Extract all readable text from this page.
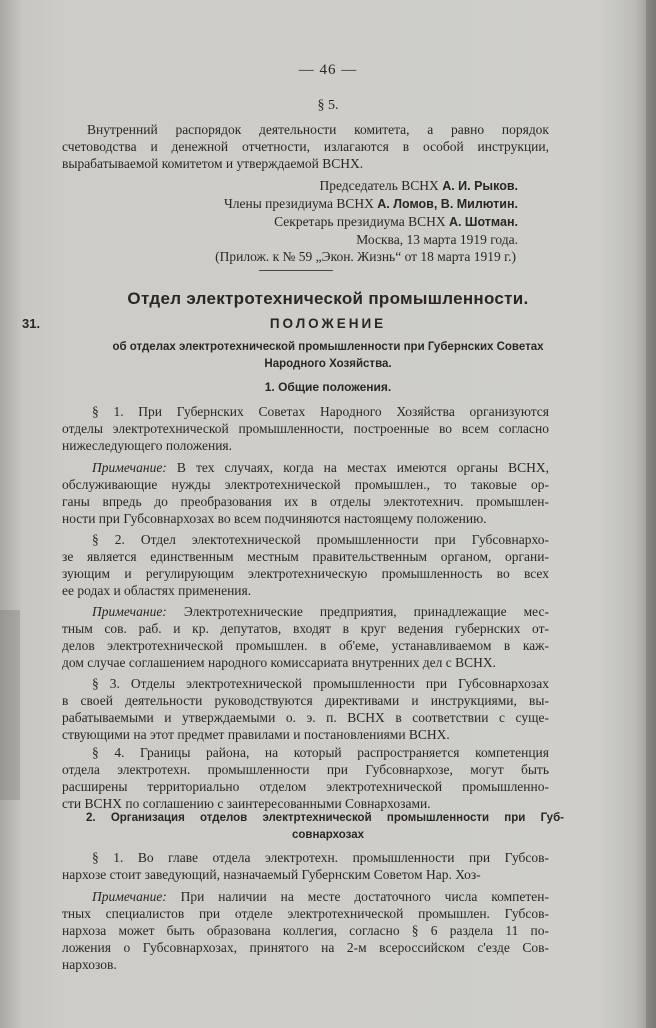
— 46 —

§ 5.

Внутренний распорядок деятельности комитета, а равно порядок

счетоводства и денежной отчетности, излагаются в особой инструкции,

вырабатываемой комитетом и утверждаемой ВСНХ.

Председатель ВСНХ А. И. Рыков.

Члены президиума ВСНХ А. Ломов, В. Милютин.

Секретарь президиума ВСНХ А. Шотман.

Москва, 13 марта 1919 года.

(Прилож. к № 59 „Экон. Жизнь“ от 18 марта 1919 г.)

Отдел электротехнической промышленности.

31.	ПОЛОЖЕНИЕ

об отделах электротехнической промышленности при Губернских Советах

Народного Хозяйства.

1. Общие положения.

§ 1. При Губернских Советах Народного Хозяйства организуются

отделы электротехнической промышленности, построенные во всем согласно

нижеследующего положения.

Примечание: В тех случаях, когда на местах имеются органы ВСНХ,

обслуживающие нужды электротехнической промышлен., то таковые ор-

ганы впредь до преобразования их в отделы электотехнич. промышлен-

ности при Губсовнархозах во всем подчиняются настоящему положению.

§ 2. Отдел электотехнической промышленности при Губсовнархо-

зе является единственным местным правительственным органом, органи-

зующим и регулирующим электротехническую промышленность во всех

ее родах и областях применения.

Примечание: Электротехнические предприятия, принадлежащие мес-

тным сов. раб. и кр. депутатов, входят в круг ведения губернских от-

делов электротехнической промышлен. в об'еме, устанавливаемом в каж-

дом случае соглашением народного комиссариата внутренних дел с ВСНХ.

§ 3. Отделы электротехнической промышленности при Губсовнархозах

в своей деятельности руководствуются директивами и инструкциями, вы-

рабатываемыми и утверждаемыми о. э. п. ВСНХ в соответствии с суще-

ствующими на этот предмет правилами и постановлениями ВСНХ.

§ 4. Границы района, на который распространяется компетенция

отдела электротехн. промышленности при Губсовнархозе, могут быть

расширены территориально отделом электротехнической промышленно-

сти ВСНХ по соглашению с заинтересованными Совнархозами.

2. Организация отделов электртехнической промышленности при Губ-

совнархозах

§ 1. Во главе отдела электротехн. промышленности при Губсов-

нархозе стоит заведующий, назначаемый Губернским Советом Нар. Хоз-

Примечание: При наличии на месте достаточного числа компетен-

тных специалистов при отделе электротехнической промышлен. Губсов-

нархоза может быть образована коллегия, согласно § 6 раздела 11 по-

ложения о Губсовнархозах, принятого на 2-м всероссийском с'езде Сов-

нархозов.
